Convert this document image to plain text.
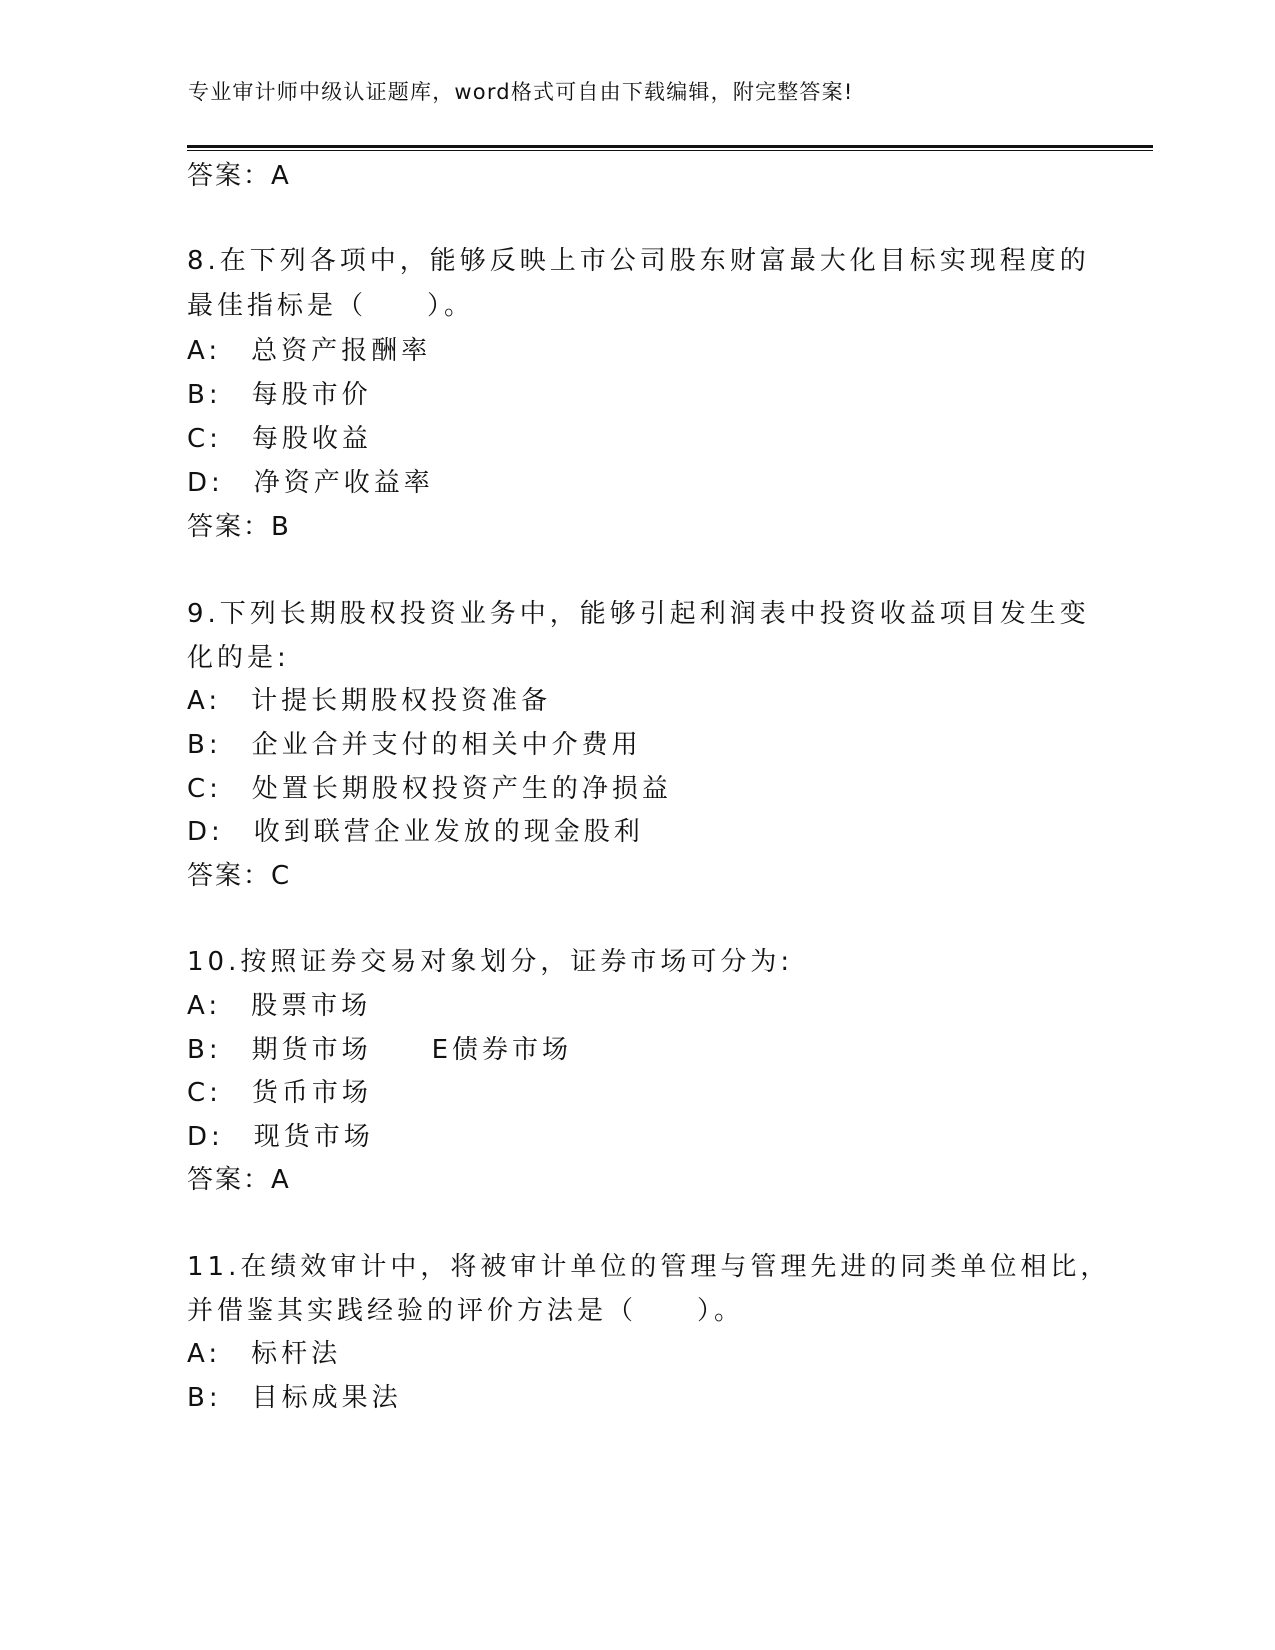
专业审计师中级认证题库，word格式可自由下载编辑，附完整答案!
答案：A
8.在下列各项中，能够反映上市公司股东财富最大化目标实现程度的
最佳指标是（　　）。
A:　总资产报酬率
B:　每股市价
C:　每股收益
D:　净资产收益率
答案：B
9.下列长期股权投资业务中，能够引起利润表中投资收益项目发生变
化的是:
A:　计提长期股权投资准备
B:　企业合并支付的相关中介费用
C:　处置长期股权投资产生的净损益
D:　收到联营企业发放的现金股利
答案：C
10.按照证券交易对象划分，证券市场可分为:
A:　股票市场
B:　期货市场　　E债券市场
C:　货币市场
D:　现货市场
答案：A
11.在绩效审计中，将被审计单位的管理与管理先进的同类单位相比，
并借鉴其实践经验的评价方法是（　　）。
A:　标杆法
B:　目标成果法
